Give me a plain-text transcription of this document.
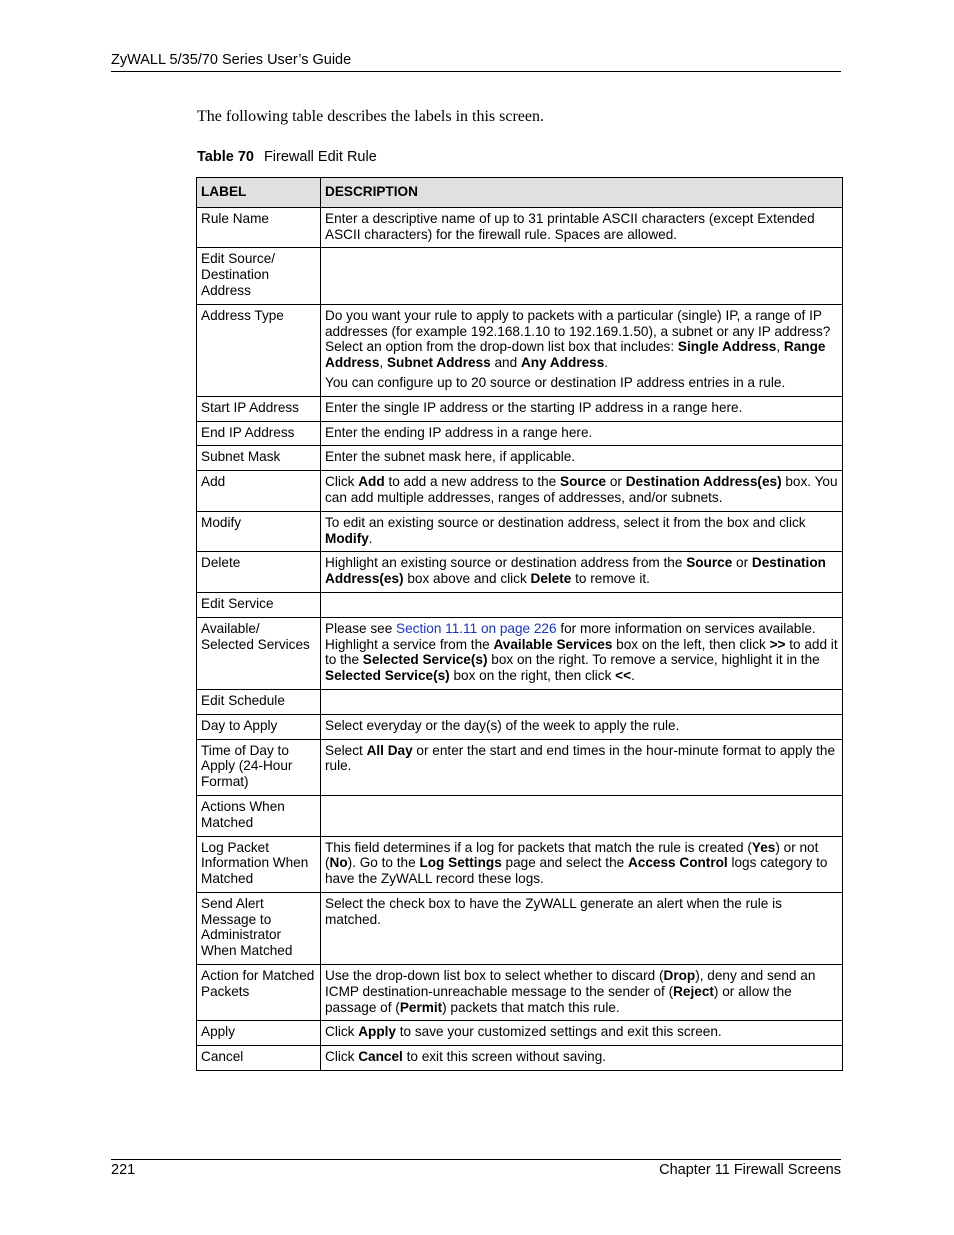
ZyWALL 5/35/70 Series User’s Guide
The following table describes the labels in this screen.
Table 70 Firewall Edit Rule
LABEL	DESCRIPTION
Rule Name	Enter a descriptive name of up to 31 printable ASCII characters (except Extended ASCII characters) for the firewall rule. Spaces are allowed.

Edit Source/ Destination Address	
Address Type	Do you want your rule to apply to packets with a particular (single) IP, a range of IP addresses (for example 192.168.1.10 to 192.169.1.50), a subnet or any IP address? Select an option from the drop-down list box that includes: Single Address, Range Address, Subnet Address and Any Address.

You can configure up to 20 source or destination IP address entries in a rule.

Start IP Address	Enter the single IP address or the starting IP address in a range here.

End IP Address	Enter the ending IP address in a range here.

Subnet Mask	Enter the subnet mask here, if applicable.

Add	Click Add to add a new address to the Source or Destination Address(es) box. You can add multiple addresses, ranges of addresses, and/or subnets.

Modify	To edit an existing source or destination address, select it from the box and click Modify.

Delete	Highlight an existing source or destination address from the Source or Destination Address(es) box above and click Delete to remove it.

Edit Service	
Available/ Selected Services	Please see Section 11.11 on page 226 for more information on services available. Highlight a service from the Available Services box on the left, then click >> to add it to the Selected Service(s) box on the right. To remove a service, highlight it in the Selected Service(s) box on the right, then click <<.

Edit Schedule	
Day to Apply	Select everyday or the day(s) of the week to apply the rule.

Time of Day to Apply (24-Hour Format)	Select All Day or enter the start and end times in the hour-minute format to apply the rule.

Actions When Matched	
Log Packet Information When Matched	This field determines if a log for packets that match the rule is created (Yes) or not (No). Go to the Log Settings page and select the Access Control logs category to have the ZyWALL record these logs.

Send Alert Message to Administrator When Matched	Select the check box to have the ZyWALL generate an alert when the rule is matched.

Action for Matched Packets	Use the drop-down list box to select whether to discard (Drop), deny and send an ICMP destination-unreachable message to the sender of (Reject) or allow the passage of (Permit) packets that match this rule.

Apply	Click Apply to save your customized settings and exit this screen.

Cancel	Click Cancel to exit this screen without saving.

221	Chapter 11 Firewall Screens
